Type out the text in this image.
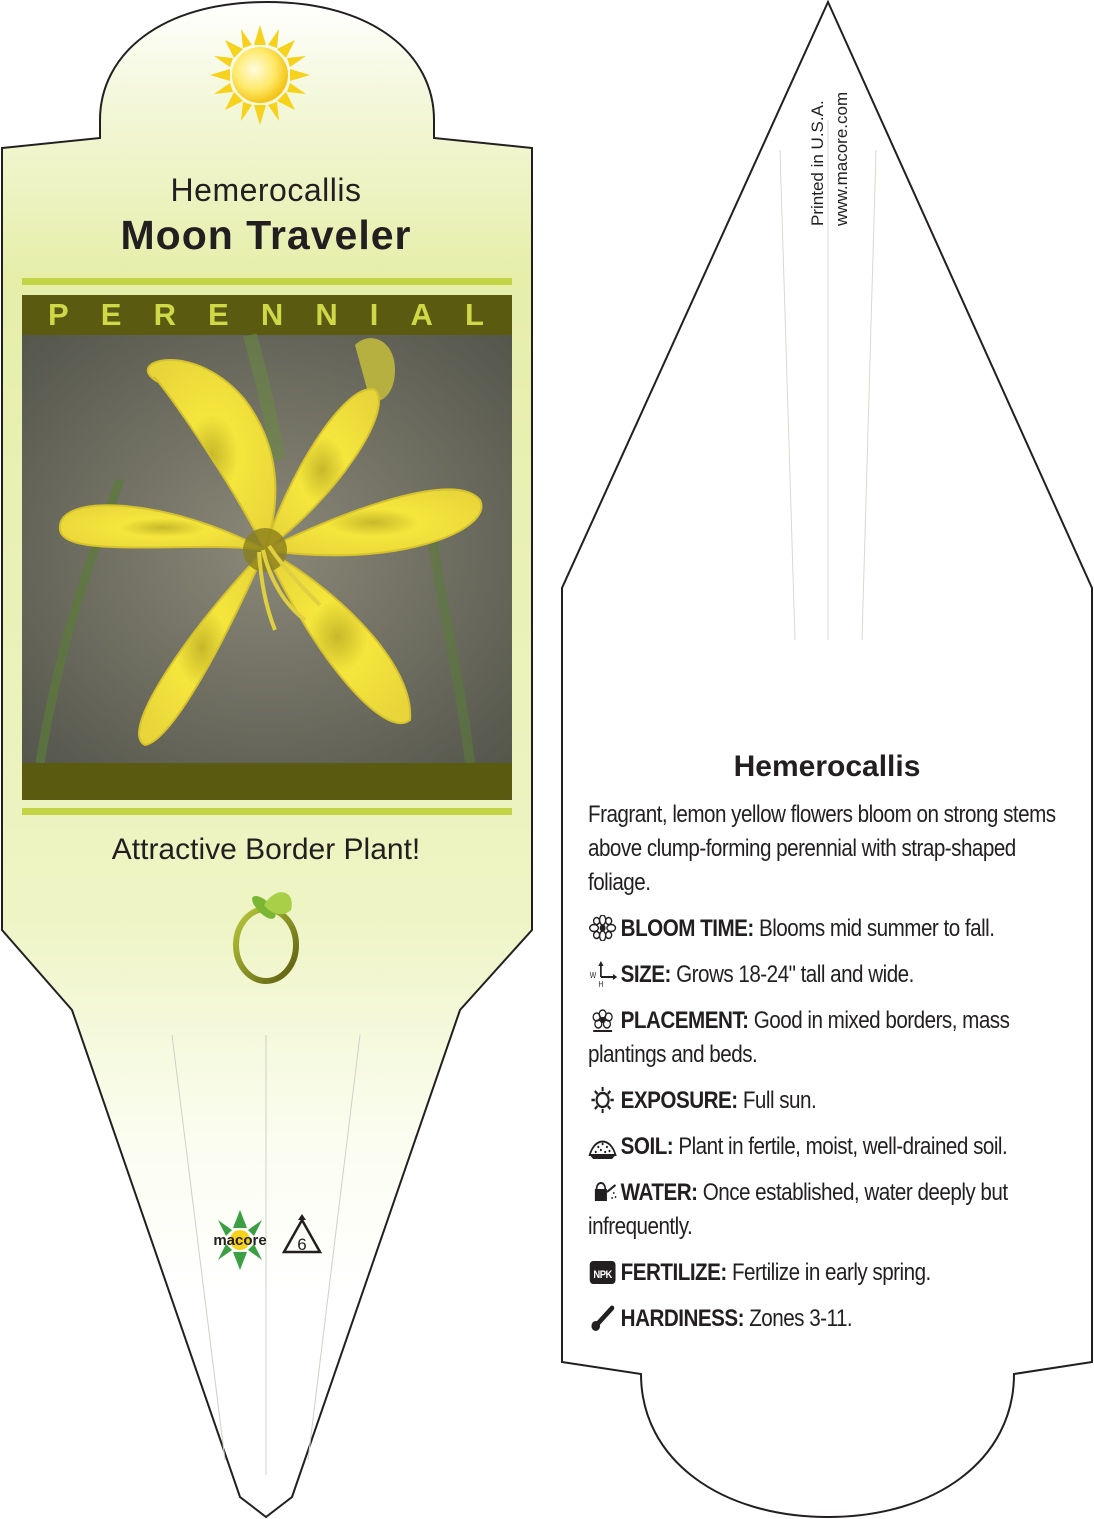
macore 6
Hemerocallis
Moon Traveler
P E R E N N I A L
Attractive Border Plant!
Printed in U.S.A. www.macore.com
Hemerocallis
Fragrant, lemon yellow flowers bloom on strong stems above clump-forming perennial with strap-shaped foliage.
BLOOM TIME: Blooms mid summer to fall.
W
H SIZE: Grows 18-24" tall and wide.
PLACEMENT: Good in mixed borders, mass plantings and beds.
EXPOSURE: Full sun.
SOIL: Plant in fertile, moist, well-drained soil.
WATER: Once established, water deeply but infrequently.
NPK FERTILIZE: Fertilize in early spring.
HARDINESS: Zones 3-11.
